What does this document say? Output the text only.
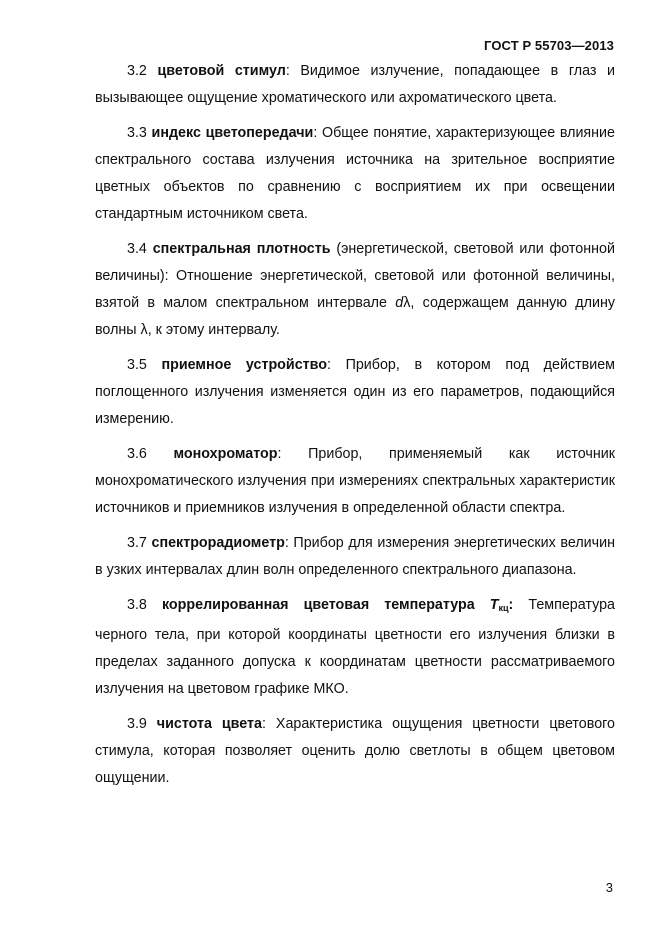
ГОСТ Р 55703—2013

3.2 цветовой стимул: Видимое излучение, попадающее в глаз и вызывающее ощущение хроматического или ахроматического цвета.

3.3 индекс цветопередачи: Общее понятие, характеризующее влияние спектрального состава излучения источника на зрительное восприятие цветных объектов по сравнению с восприятием их при освещении стандартным источником света.

3.4 спектральная плотность (энергетической, световой или фотонной величины): Отношение энергетической, световой или фотонной величины, взятой в малом спектральном интервале dλ, содержащем данную длину волны λ, к этому интервалу.

3.5 приемное устройство: Прибор, в котором под действием поглощенного излучения изменяется один из его параметров, подающийся измерению.

3.6 монохроматор: Прибор, применяемый как источник монохроматического излучения при измерениях спектральных характеристик источников и приемников излучения в определенной области спектра.

3.7 спектрорадиометр: Прибор для измерения энергетических величин в узких интервалах длин волн определенного спектрального диапазона.

3.8 коррелированная цветовая температура $T_{кц}$: Температура черного тела, при которой координаты цветности его излучения близки в пределах заданного допуска к координатам цветности рассматриваемого излучения на цветовом графике МКО.

3.9 чистота цвета: Характеристика ощущения цветности цветового стимула, которая позволяет оценить долю светлоты в общем цветовом ощущении.

3
